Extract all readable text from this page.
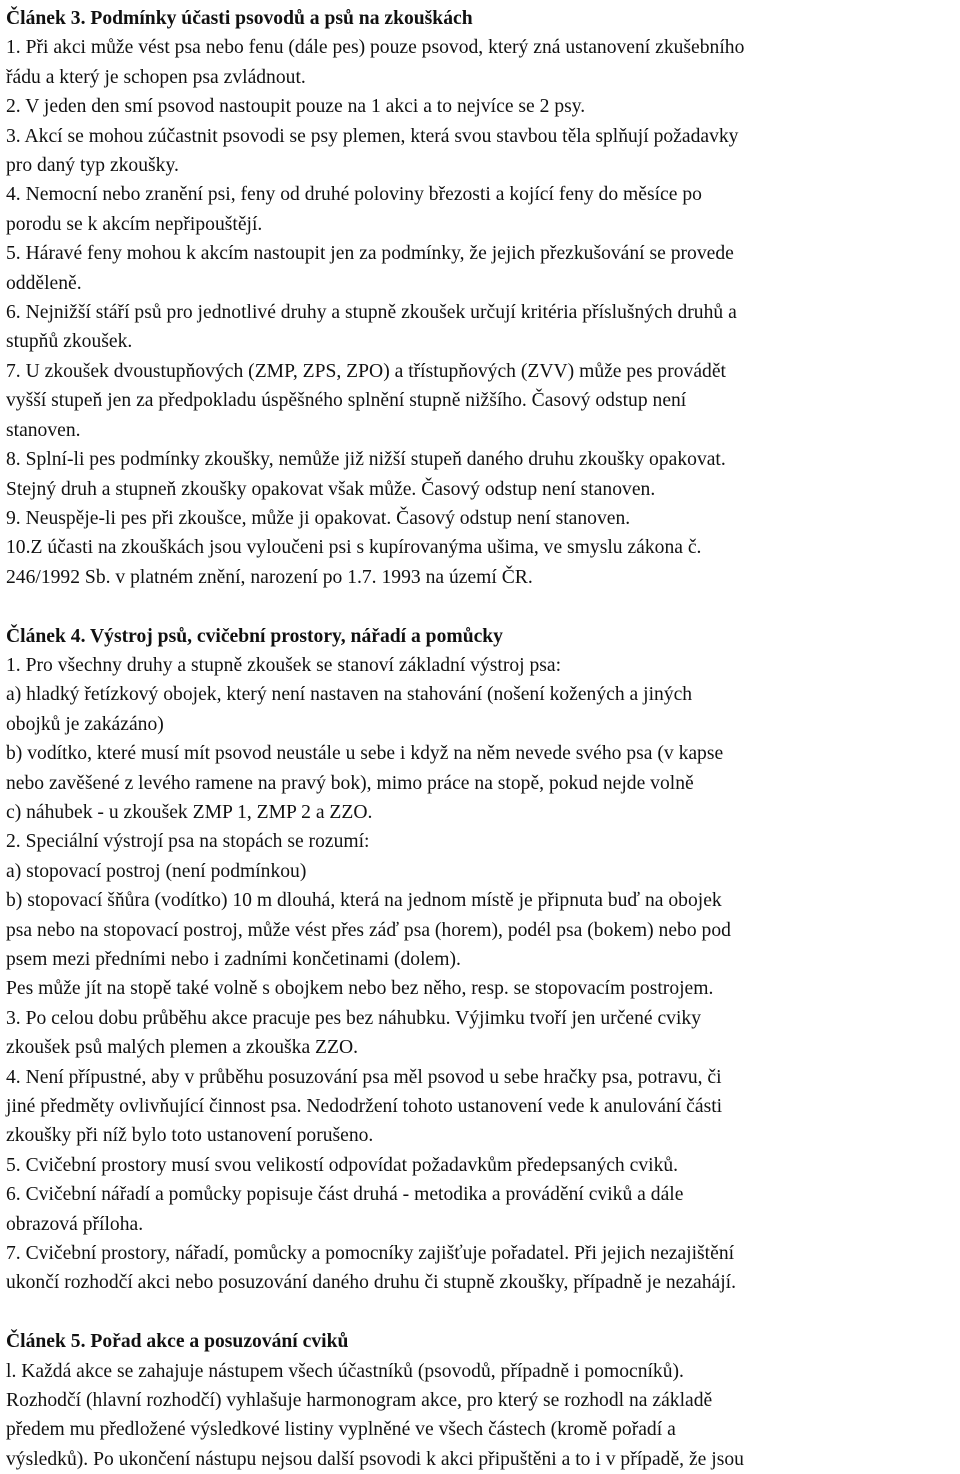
Článek 3. Podmínky účasti psovodů a psů na zkouškách

1. Při akci může vést psa nebo fenu (dále pes) pouze psovod, který zná ustanovení zkušebního

řádu a který je schopen psa zvládnout.

2. V jeden den smí psovod nastoupit pouze na 1 akci a to nejvíce se 2 psy.

3. Akcí se mohou zúčastnit psovodi se psy plemen, která svou stavbou těla splňují požadavky

pro daný typ zkoušky.

4. Nemocní nebo zranění psi, feny od druhé poloviny březosti a kojící feny do měsíce po

porodu se k akcím nepřipouštějí.

5. Háravé feny mohou k akcím nastoupit jen za podmínky, že jejich přezkušování se provede

odděleně.

6. Nejnižší stáří psů pro jednotlivé druhy a stupně zkoušek určují kritéria příslušných druhů a

stupňů zkoušek.

7. U zkoušek dvoustupňových (ZMP, ZPS, ZPO) a třístupňových (ZVV) může pes provádět

vyšší stupeň jen za předpokladu úspěšného splnění stupně nižšího. Časový odstup není

stanoven.

8. Splní-li pes podmínky zkoušky, nemůže již nižší stupeň daného druhu zkoušky opakovat.

Stejný druh a stupneň zkoušky opakovat však může. Časový odstup není stanoven.

9. Neuspěje-li pes při zkoušce, může ji opakovat. Časový odstup není stanoven.

10.Z účasti na zkouškách jsou vyloučeni psi s kupírovanýma ušima, ve smyslu zákona č.

246/1992 Sb. v platném znění, narození po 1.7. 1993 na území ČR.

Článek 4. Výstroj psů, cvičební prostory, nářadí a pomůcky

1. Pro všechny druhy a stupně zkoušek se stanoví základní výstroj psa:

a) hladký řetízkový obojek, který není nastaven na stahování (nošení kožených a jiných

obojků je zakázáno)

b) vodítko, které musí mít psovod neustále u sebe i když na něm nevede svého psa (v kapse

nebo zavěšené z levého ramene na pravý bok), mimo práce na stopě, pokud nejde volně

c) náhubek - u zkoušek ZMP 1, ZMP 2 a ZZO.

2. Speciální výstrojí psa na stopách se rozumí:

a) stopovací postroj (není podmínkou)

b) stopovací šňůra (vodítko) 10 m dlouhá, která na jednom místě je připnuta buď na obojek

psa nebo na stopovací postroj, může vést přes záď psa (horem), podél psa (bokem) nebo pod

psem mezi předními nebo i zadními končetinami (dolem).

Pes může jít na stopě také volně s obojkem nebo bez něho, resp. se stopovacím postrojem.

3. Po celou dobu průběhu akce pracuje pes bez náhubku. Výjimku tvoří jen určené cviky

zkoušek psů malých plemen a zkouška ZZO.

4. Není přípustné, aby v průběhu posuzování psa měl psovod u sebe hračky psa, potravu, či

jiné předměty ovlivňující činnost psa. Nedodržení tohoto ustanovení vede k anulování části

zkoušky při níž bylo toto ustanovení porušeno.

5. Cvičební prostory musí svou velikostí odpovídat požadavkům předepsaných cviků.

6. Cvičební nářadí a pomůcky popisuje část druhá - metodika a provádění cviků a dále

obrazová příloha.

7. Cvičební prostory, nářadí, pomůcky a pomocníky zajišťuje pořadatel. Při jejich nezajištění

ukončí rozhodčí akci nebo posuzování daného druhu či stupně zkoušky, případně je nezahájí.

Článek 5. Pořad akce a posuzování cviků

l. Každá akce se zahajuje nástupem všech účastníků (psovodů, případně i pomocníků).

Rozhodčí (hlavní rozhodčí) vyhlašuje harmonogram akce, pro který se rozhodl na základě

předem mu předložené výsledkové listiny vyplněné ve všech částech (kromě pořadí a

výsledků). Po ukončení nástupu nejsou další psovodi k akci připuštěni a to i v případě, že jsou
